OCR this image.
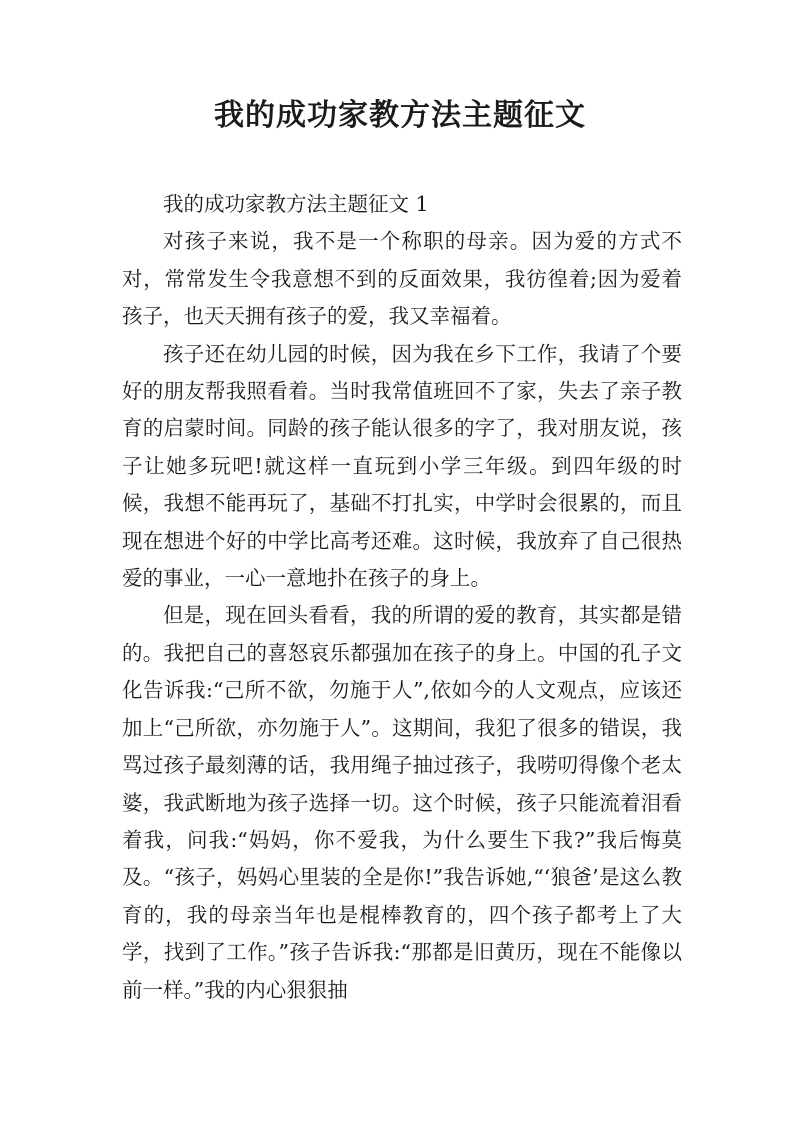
我的成功家教方法主题征文

我的成功家教方法主题征文 1

对孩子来说，我不是一个称职的母亲。因为爱的方式不对，常常发生令我意想不到的反面效果，我彷徨着;因为爱着孩子，也天天拥有孩子的爱，我又幸福着。

孩子还在幼儿园的时候，因为我在乡下工作，我请了个要好的朋友帮我照看着。当时我常值班回不了家，失去了亲子教育的启蒙时间。同龄的孩子能认很多的字了，我对朋友说，孩子让她多玩吧!就这样一直玩到小学三年级。到四年级的时候，我想不能再玩了，基础不打扎实，中学时会很累的，而且现在想进个好的中学比高考还难。这时候，我放弃了自己很热爱的事业，一心一意地扑在孩子的身上。

但是，现在回头看看，我的所谓的爱的教育，其实都是错的。我把自己的喜怒哀乐都强加在孩子的身上。中国的孔子文化告诉我:“己所不欲，勿施于人”,依如今的人文观点，应该还加上“己所欲，亦勿施于人”。这期间，我犯了很多的错误，我骂过孩子最刻薄的话，我用绳子抽过孩子，我唠叨得像个老太婆，我武断地为孩子选择一切。这个时候，孩子只能流着泪看着我，问我:“妈妈，你不爱我，为什么要生下我?”我后悔莫及。“孩子，妈妈心里装的全是你!”我告诉她,“‘狼爸’是这么教育的，我的母亲当年也是棍棒教育的，四个孩子都考上了大学，找到了工作。”孩子告诉我:“那都是旧黄历，现在不能像以前一样。”我的内心狠狠抽
